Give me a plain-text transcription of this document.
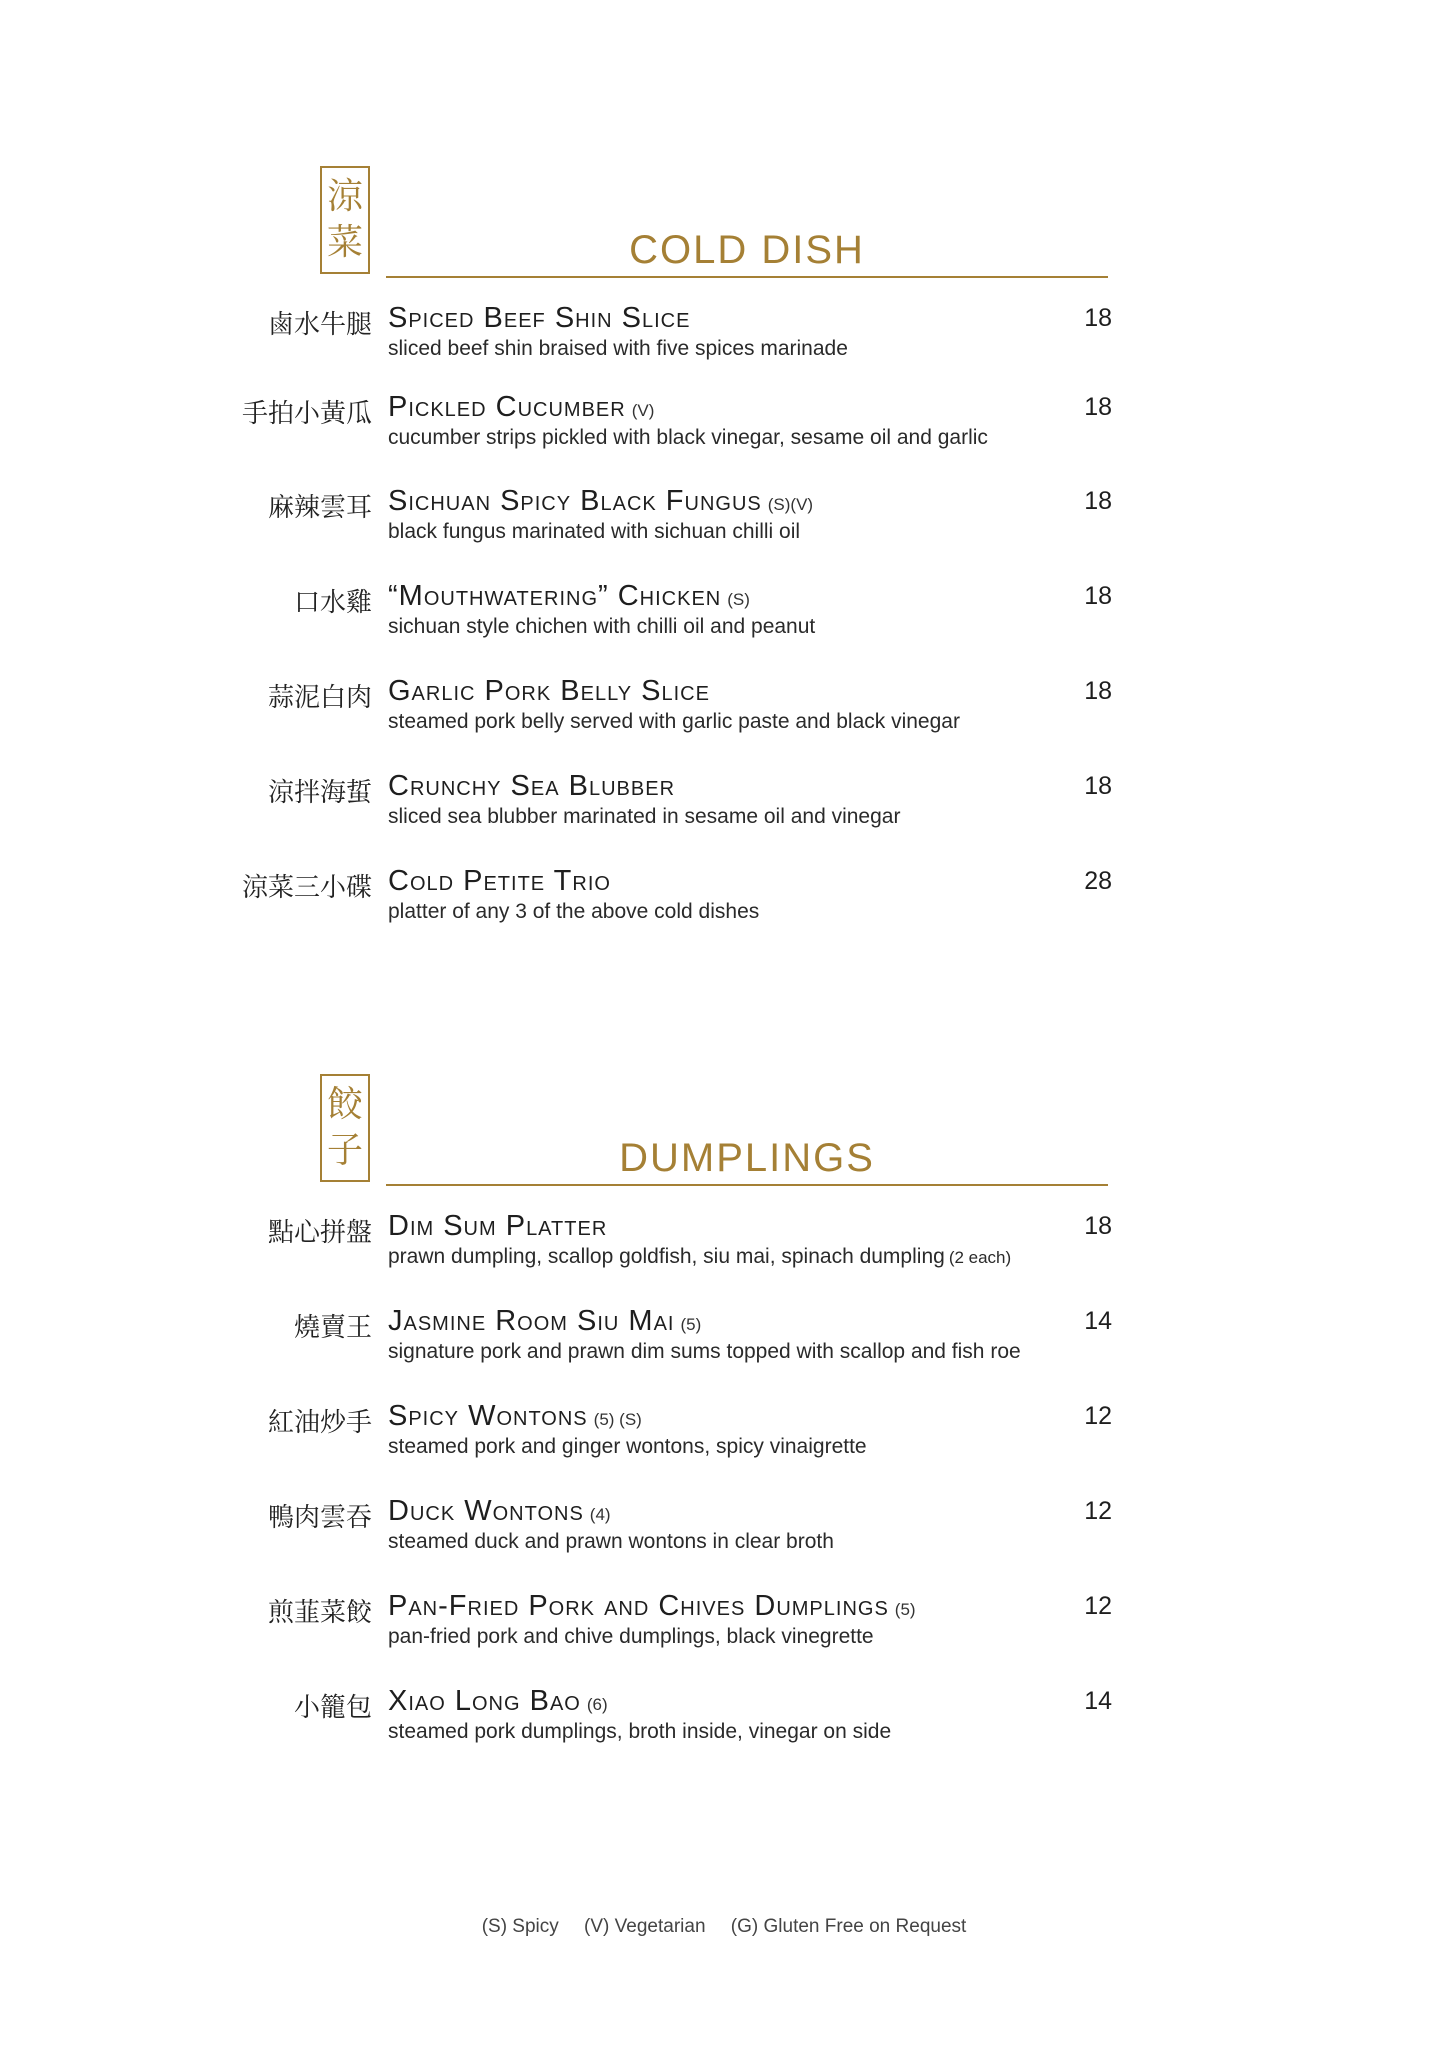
涼
菜	COLD DISH
鹵水牛腿 Spiced Beef Shin Slice
sliced beef shin braised with five spices marinade
18
手拍小黃瓜 Pickled Cucumber (V)
cucumber strips pickled with black vinegar, sesame oil and garlic
18
麻辣雲耳 Sichuan Spicy Black Fungus (S)(V)
black fungus marinated with sichuan chilli oil
18
口水雞 “Mouthwatering” Chicken (S)
sichuan style chichen with chilli oil and peanut
18
蒜泥白肉 Garlic Pork Belly Slice
steamed pork belly served with garlic paste and black vinegar
18
涼拌海蜇 Crunchy Sea Blubber
sliced sea blubber marinated in sesame oil and vinegar
18
涼菜三小碟 Cold Petite Trio
platter of any 3 of the above cold dishes
28
餃
子	DUMPLINGS
點心拼盤 Dim Sum Platter
prawn dumpling, scallop goldfish, siu mai, spinach dumpling (2 each)
18
燒賣王 Jasmine Room Siu Mai (5)
signature pork and prawn dim sums topped with scallop and fish roe
14
紅油炒手 Spicy Wontons (5) (S)
steamed pork and ginger wontons, spicy vinaigrette
12
鴨肉雲吞 Duck Wontons (4)
steamed duck and prawn wontons in clear broth
12
煎韮菜餃 Pan-Fried Pork and Chives Dumplings (5)
pan-fried pork and chive dumplings, black vinegrette
12
小籠包 Xiao Long Bao (6)
steamed pork dumplings, broth inside, vinegar on side
14
(S) Spicy (V) Vegetarian (G) Gluten Free on Request
